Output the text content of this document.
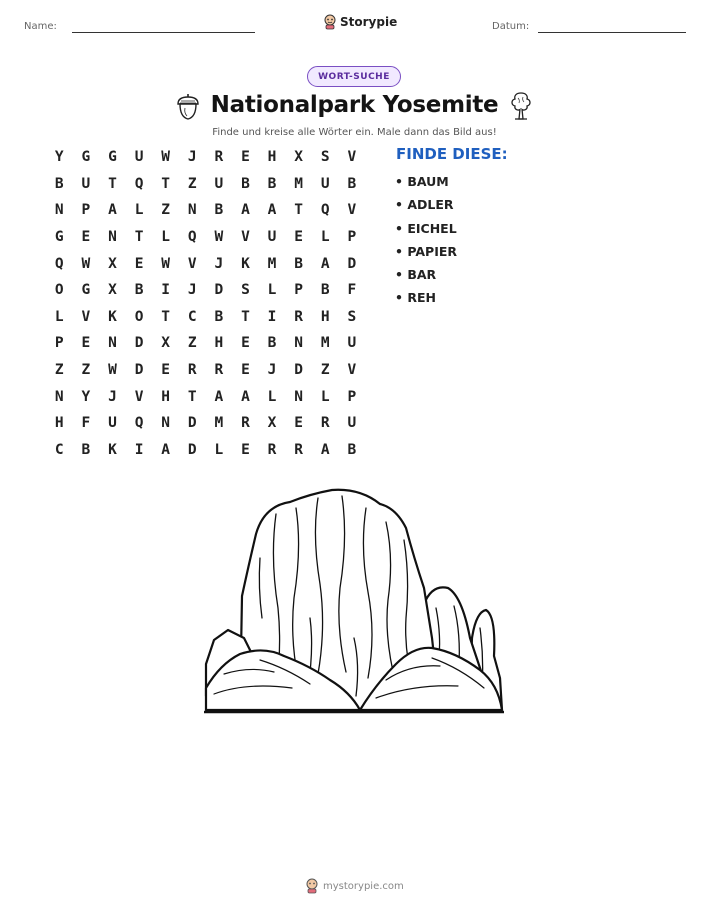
Name:	Storypie	Datum:
WORT-SUCHE
Nationalpark Yosemite
Finde und kreise alle Wörter ein. Male dann das Bild aus!
Y	G	G	U	W	J	R	E	H	X	S	V
B	U	T	Q	T	Z	U	B	B	M	U	B
N	P	A	L	Z	N	B	A	A	T	Q	V
G	E	N	T	L	Q	W	V	U	E	L	P
Q	W	X	E	W	V	J	K	M	B	A	D
O	G	X	B	I	J	D	S	L	P	B	F
L	V	K	O	T	C	B	T	I	R	H	S
P	E	N	D	X	Z	H	E	B	N	M	U
Z	Z	W	D	E	R	R	E	J	D	Z	V
N	Y	J	V	H	T	A	A	L	N	L	P
H	F	U	Q	N	D	M	R	X	E	R	U
C	B	K	I	A	D	L	E	R	R	A	B
FINDE DIESE:
• BAUM
• ADLER
• EICHEL
• PAPIER
• BAR
• REH
mystorypie.com
